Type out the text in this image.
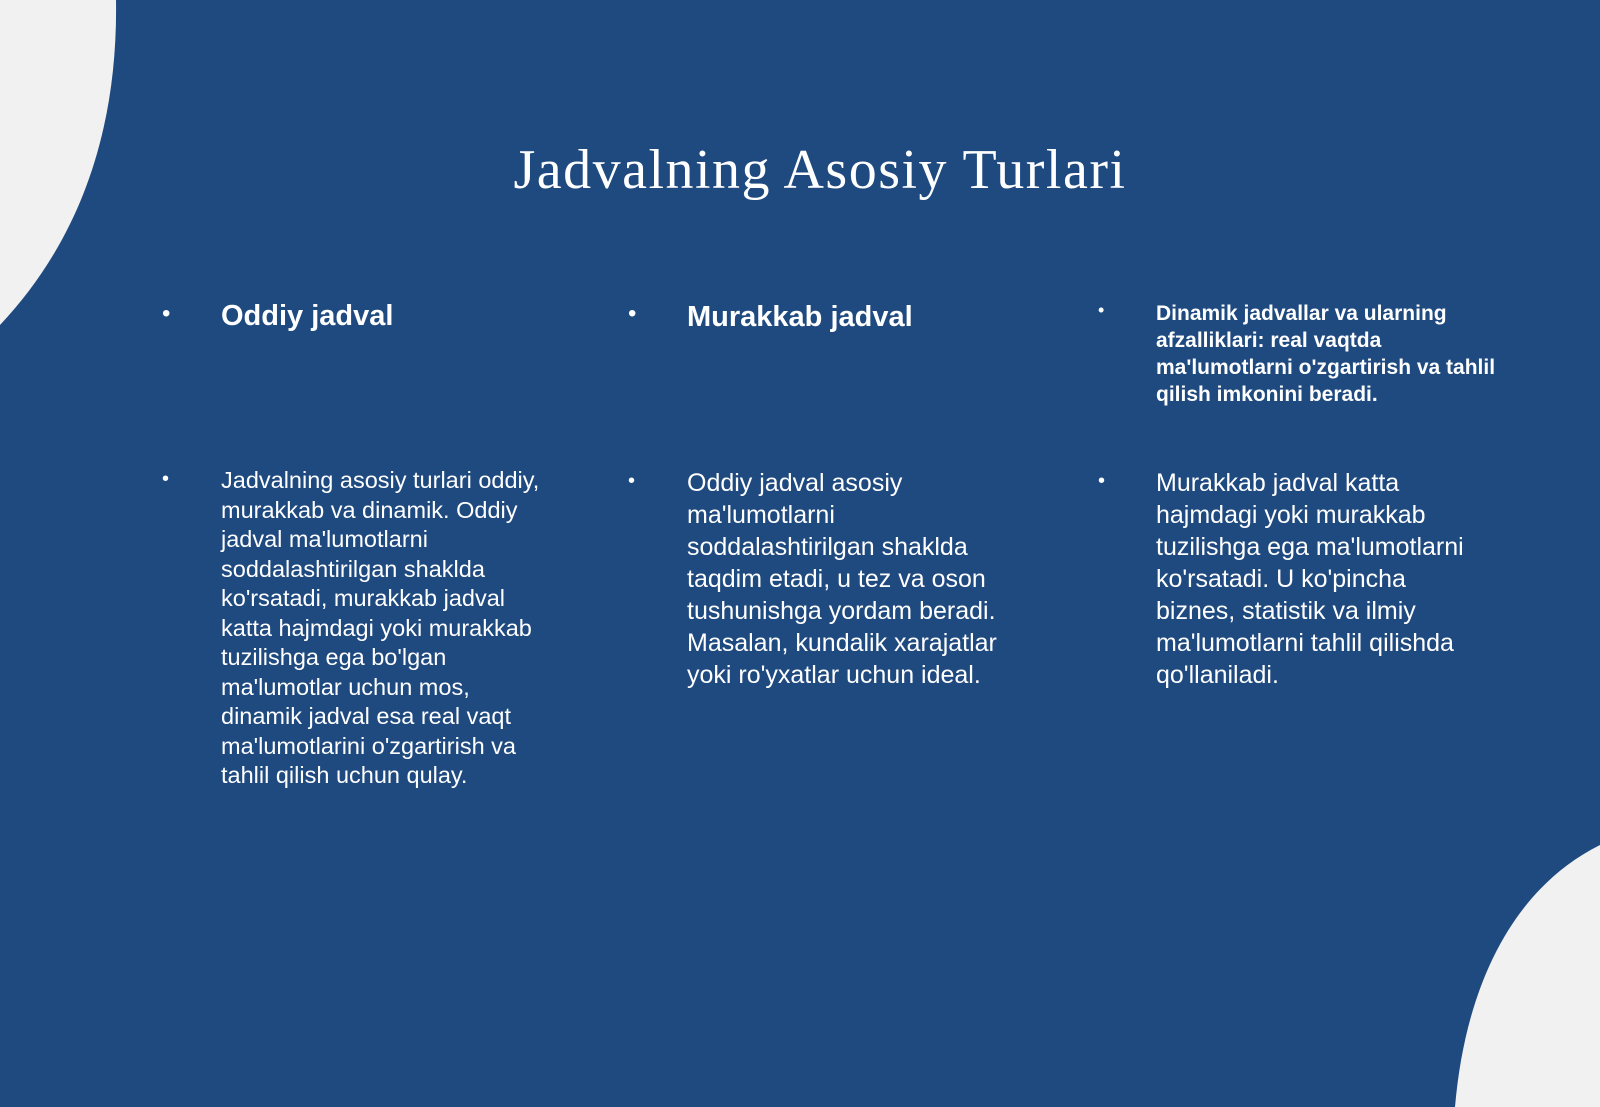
Jadvalning Asosiy Turlari
• Oddiy jadval

• Jadvalning asosiy turlari oddiy, murakkab va dinamik. Oddiy jadval ma'lumotlarni soddalashtirilgan shaklda ko'rsatadi, murakkab jadval katta hajmdagi yoki murakkab tuzilishga ega bo'lgan ma'lumotlar uchun mos, dinamik jadval esa real vaqt ma'lumotlarini o'zgartirish va tahlil qilish uchun qulay.

• Murakkab jadval

• Oddiy jadval asosiy ma'lumotlarni soddalashtirilgan shaklda taqdim etadi, u tez va oson tushunishga yordam beradi. Masalan, kundalik xarajatlar yoki ro'yxatlar uchun ideal.

• Dinamik jadvallar va ularning afzalliklari: real vaqtda ma'lumotlarni o'zgartirish va tahlil qilish imkonini beradi.

• Murakkab jadval katta hajmdagi yoki murakkab tuzilishga ega ma'lumotlarni ko'rsatadi. U ko'pincha biznes, statistik va ilmiy ma'lumotlarni tahlil qilishda qo'llaniladi.
